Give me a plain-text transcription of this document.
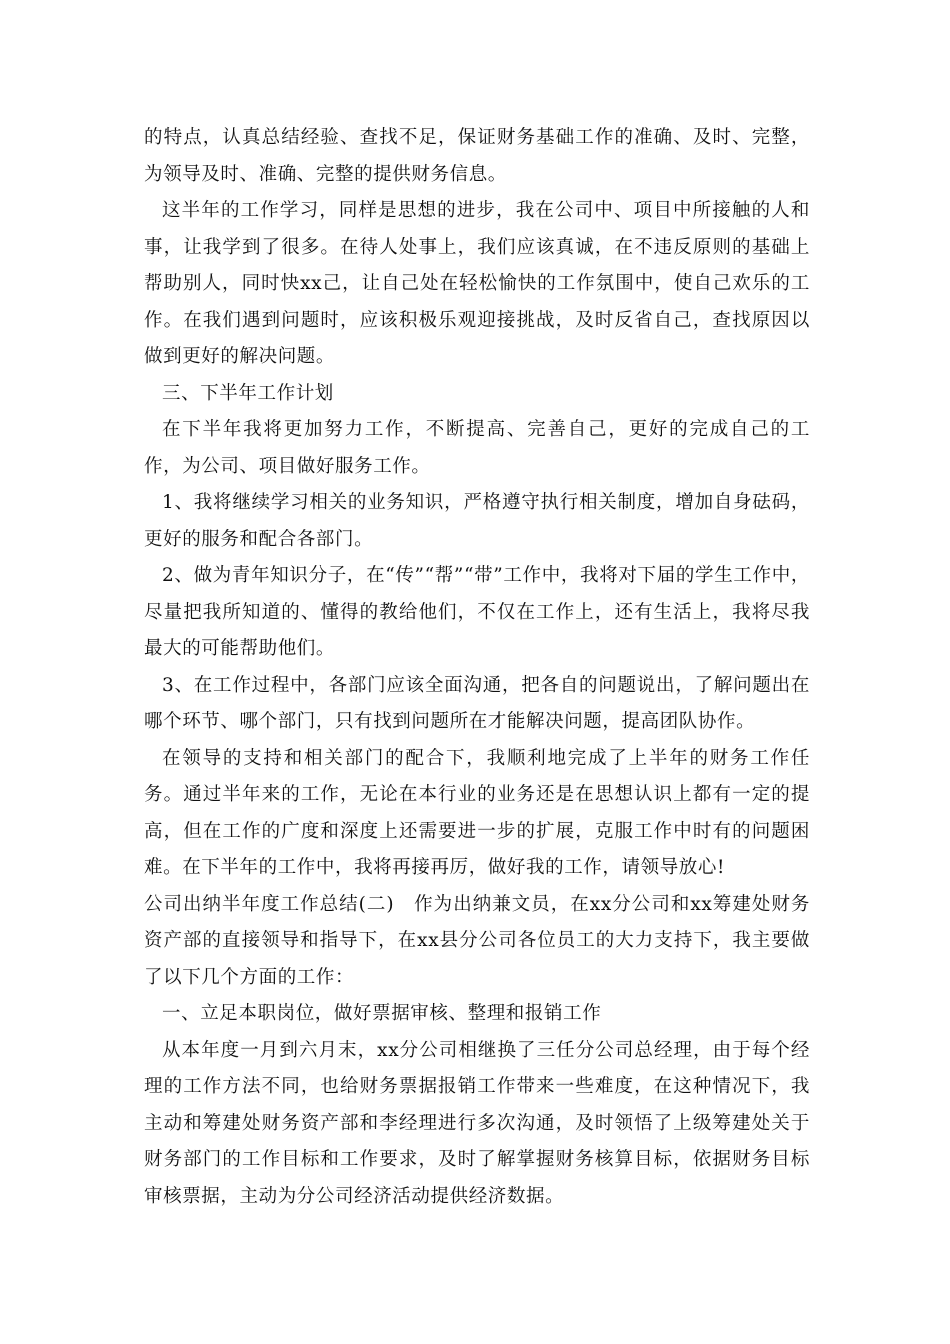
的特点，认真总结经验、查找不足，保证财务基础工作的准确、及时、完整，为领导及时、准确、完整的提供财务信息。

这半年的工作学习，同样是思想的进步，我在公司中、项目中所接触的人和事，让我学到了很多。在待人处事上，我们应该真诚，在不违反原则的基础上帮助别人，同时快xx己，让自己处在轻松愉快的工作氛围中，使自己欢乐的工作。在我们遇到问题时，应该积极乐观迎接挑战，及时反省自己，查找原因以做到更好的解决问题。

三、下半年工作计划

在下半年我将更加努力工作，不断提高、完善自己，更好的完成自己的工作，为公司、项目做好服务工作。

1、我将继续学习相关的业务知识，严格遵守执行相关制度，增加自身砝码，更好的服务和配合各部门。

2、做为青年知识分子，在“传”“帮”“带”工作中，我将对下届的学生工作中，尽量把我所知道的、懂得的教给他们，不仅在工作上，还有生活上，我将尽我最大的可能帮助他们。

3、在工作过程中，各部门应该全面沟通，把各自的问题说出，了解问题出在哪个环节、哪个部门，只有找到问题所在才能解决问题，提高团队协作。

在领导的支持和相关部门的配合下，我顺利地完成了上半年的财务工作任务。通过半年来的工作，无论在本行业的业务还是在思想认识上都有一定的提高，但在工作的广度和深度上还需要进一步的扩展，克服工作中时有的问题困难。在下半年的工作中，我将再接再厉，做好我的工作，请领导放心!

公司出纳半年度工作总结(二)　作为出纳兼文员，在xx分公司和xx筹建处财务资产部的直接领导和指导下，在xx县分公司各位员工的大力支持下，我主要做了以下几个方面的工作：

一、立足本职岗位，做好票据审核、整理和报销工作

从本年度一月到六月末，xx分公司相继换了三任分公司总经理，由于每个经理的工作方法不同，也给财务票据报销工作带来一些难度，在这种情况下，我主动和筹建处财务资产部和李经理进行多次沟通，及时领悟了上级筹建处关于财务部门的工作目标和工作要求，及时了解掌握财务核算目标，依据财务目标审核票据，主动为分公司经济活动提供经济数据。
